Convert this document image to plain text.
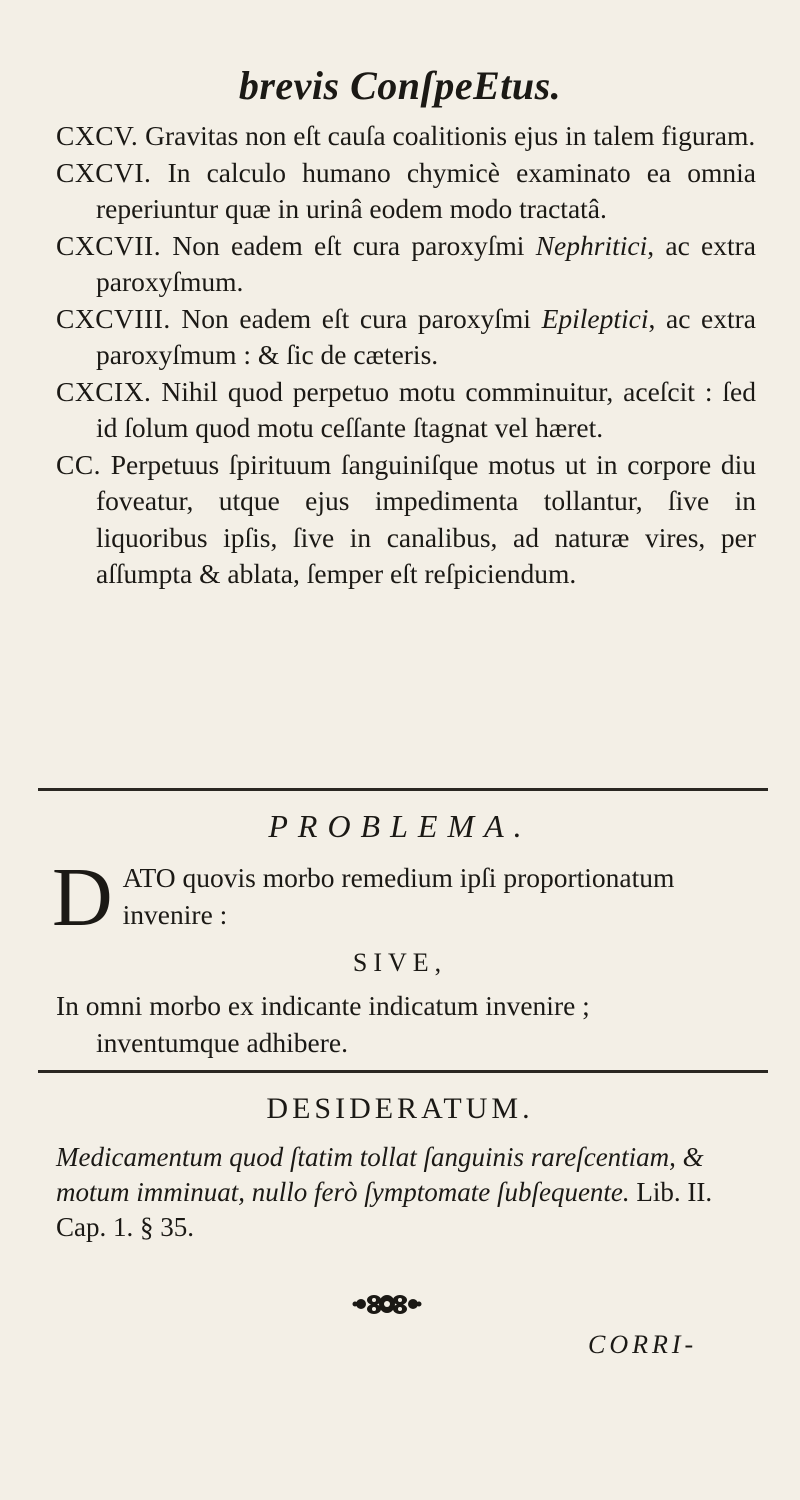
brevis ConſpeEtus.

CXCV. Gravitas non eſt cauſa coalitionis ejus in talem figuram.

CXCVI. In calculo humano chymicè examinato ea omnia reperiuntur quæ in urinâ eodem modo tractatâ.

CXCVII. Non eadem eſt cura paroxyſmi Nephritici, ac extra paroxyſmum.

CXCVIII. Non eadem eſt cura paroxyſmi Epileptici, ac extra paroxyſmum : & ſic de cæteris.

CXCIX. Nihil quod perpetuo motu comminuitur, aceſcit : ſed id ſolum quod motu ceſſante ſtagnat vel hæret.

CC. Perpetuus ſpirituum ſanguiniſque motus ut in corpore diu foveatur, utque ejus impedimenta tollantur, ſive in liquoribus ipſis, ſive in canalibus, ad naturæ vires, per aſſumpta & ablata, ſemper eſt reſpiciendum.

PROBLEMA.
D ATO quovis morbo remedium ipſi proportionatum invenire :
SIVE,
In omni morbo ex indicante indicatum invenire ;
inventumque adhibere.
DESIDERATUM.
Medicamentum quod ſtatim tollat ſanguinis rareſcentiam, & motum imminuat, nullo ferò ſymptomate ſubſequente. Lib. II. Cap. 1. § 35.
CORRI-
